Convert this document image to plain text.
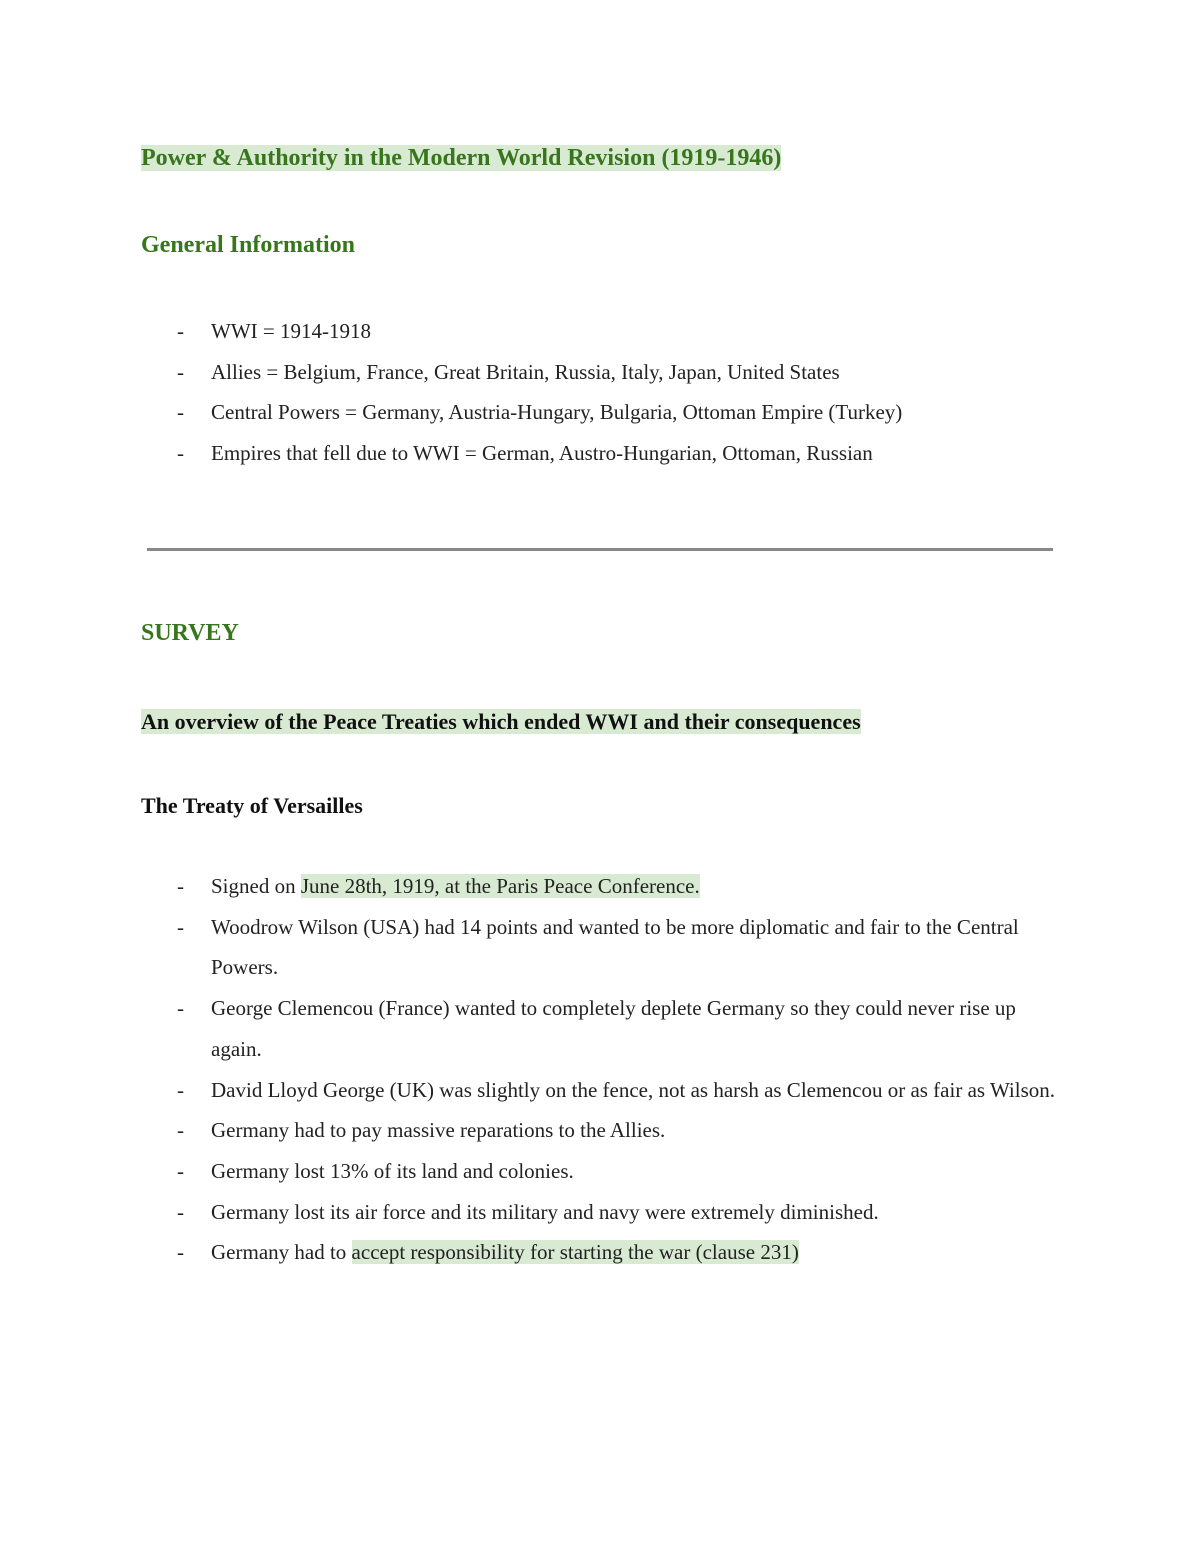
Power & Authority in the Modern World Revision (1919-1946)
General Information
- WWI = 1914-1918
- Allies = Belgium, France, Great Britain, Russia, Italy, Japan, United States
- Central Powers = Germany, Austria-Hungary, Bulgaria, Ottoman Empire (Turkey)
- Empires that fell due to WWI = German, Austro-Hungarian, Ottoman, Russian
SURVEY
An overview of the Peace Treaties which ended WWI and their consequences
The Treaty of Versailles
- Signed on June 28th, 1919, at the Paris Peace Conference.
- Woodrow Wilson (USA) had 14 points and wanted to be more diplomatic and fair to the Central Powers.
- George Clemencou (France) wanted to completely deplete Germany so they could never rise up again.
- David Lloyd George (UK) was slightly on the fence, not as harsh as Clemencou or as fair as Wilson.
- Germany had to pay massive reparations to the Allies.
- Germany lost 13% of its land and colonies.
- Germany lost its air force and its military and navy were extremely diminished.
- Germany had to accept responsibility for starting the war (clause 231)
